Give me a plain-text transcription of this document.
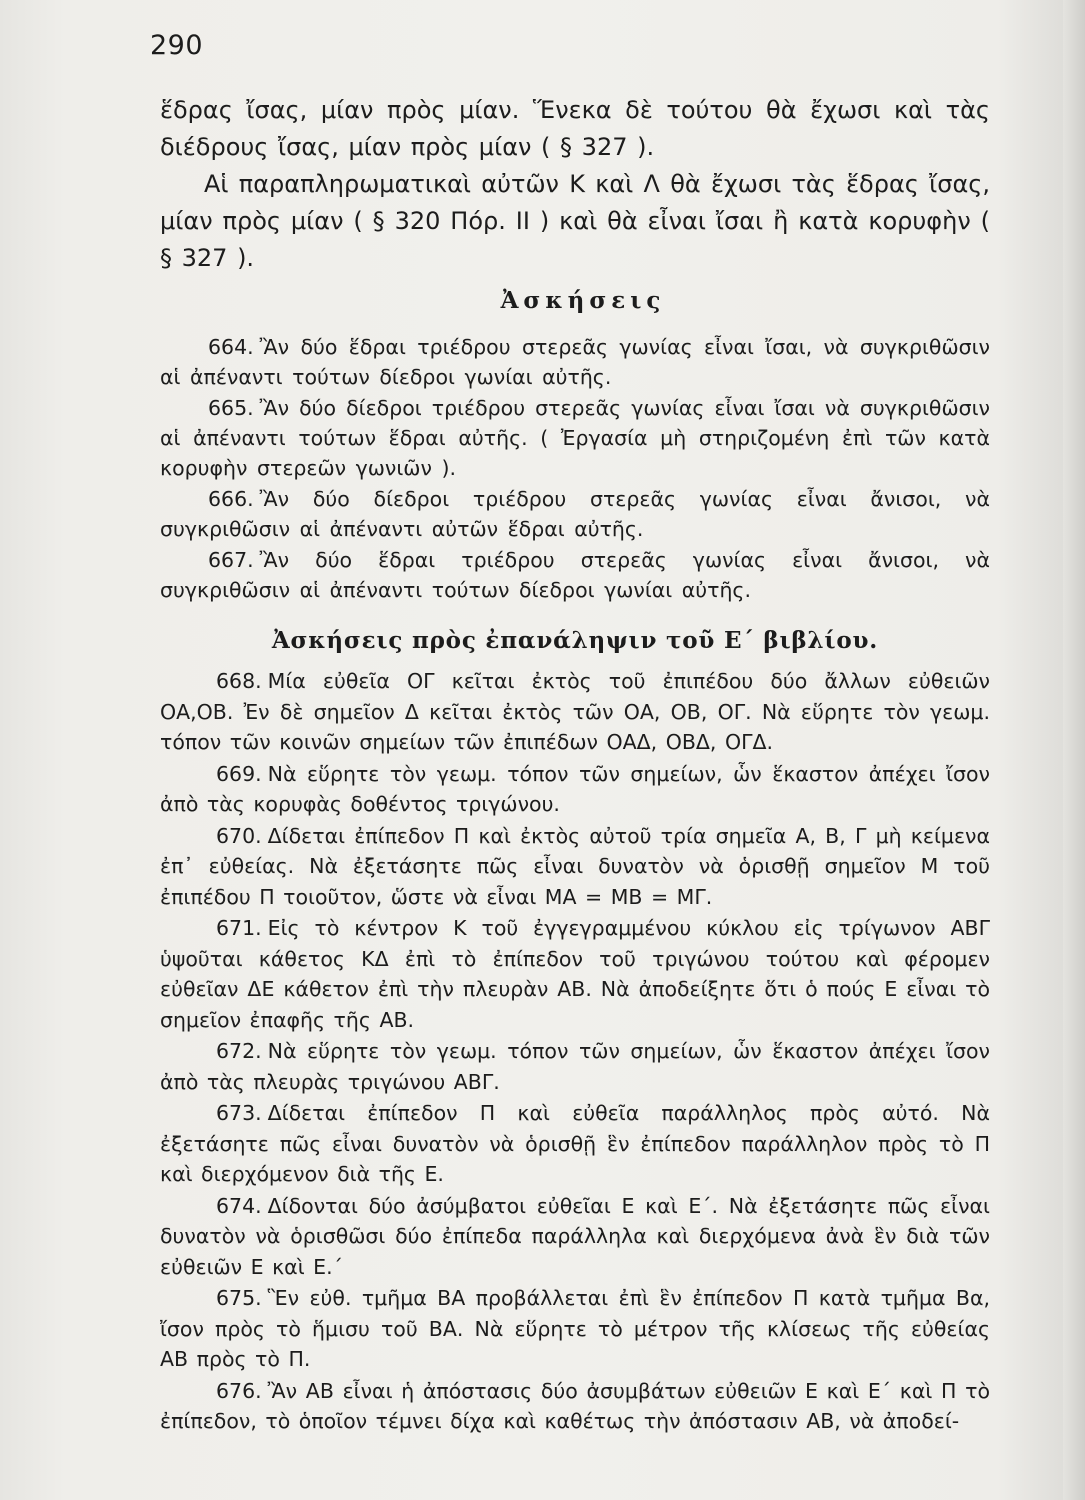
290

ἕδρας ἴσας, μίαν πρὸς μίαν. Ἕνεκα δὲ τούτου θὰ ἔχωσι καὶ τὰς διέδρους ἴσας, μίαν πρὸς μίαν ( § 327 ).

Αἱ παραπληρωματικαὶ αὐτῶν Κ καὶ Λ θὰ ἔχωσι τὰς ἕδρας ἴσας, μίαν πρὸς μίαν ( § 320 Πόρ. ΙΙ ) καὶ θὰ εἶναι ἴσαι ἢ κατὰ κορυφὴν ( § 327 ).

Ἀσκήσεις

664. Ἂν δύο ἕδραι τριέδρου στερεᾶς γωνίας εἶναι ἴσαι, νὰ συγκριθῶσιν αἱ ἀπέναντι τούτων δίεδροι γωνίαι αὐτῆς.

665. Ἂν δύο δίεδροι τριέδρου στερεᾶς γωνίας εἶναι ἴσαι νὰ συγκριθῶσιν αἱ ἀπέναντι τούτων ἕδραι αὐτῆς. ( Ἐργασία μὴ στηριζομένη ἐπὶ τῶν κατὰ κορυφὴν στερεῶν γωνιῶν ).

666. Ἂν δύο δίεδροι τριέδρου στερεᾶς γωνίας εἶναι ἄνισοι, νὰ συγκριθῶσιν αἱ ἀπέναντι αὐτῶν ἕδραι αὐτῆς.

667. Ἂν δύο ἕδραι τριέδρου στερεᾶς γωνίας εἶναι ἄνισοι, νὰ συγκριθῶσιν αἱ ἀπέναντι τούτων δίεδροι γωνίαι αὐτῆς.

Ἀσκήσεις πρὸς ἐπανάληψιν τοῦ Ε΄ βιβλίου.

668. Μία εὐθεῖα ΟΓ κεῖται ἐκτὸς τοῦ ἐπιπέδου δύο ἄλλων εὐθειῶν ΟΑ,ΟΒ. Ἐν δὲ σημεῖον Δ κεῖται ἐκτὸς τῶν ΟΑ, ΟΒ, ΟΓ. Νὰ εὕρητε τὸν γεωμ. τόπον τῶν κοινῶν σημείων τῶν ἐπιπέδων ΟΑΔ, ΟΒΔ, ΟΓΔ.

669. Νὰ εὕρητε τὸν γεωμ. τόπον τῶν σημείων, ὧν ἕκαστον ἀπέχει ἴσον ἀπὸ τὰς κορυφὰς δοθέντος τριγώνου.

670. Δίδεται ἐπίπεδον Π καὶ ἐκτὸς αὐτοῦ τρία σημεῖα Α, Β, Γ μὴ κείμενα ἐπ᾽ εὐθείας. Νὰ ἐξετάσητε πῶς εἶναι δυνατὸν νὰ ὁρισθῇ σημεῖον Μ τοῦ ἐπιπέδου Π τοιοῦτον, ὥστε νὰ εἶναι ΜΑ = ΜΒ = ΜΓ.

671. Εἰς τὸ κέντρον Κ τοῦ ἐγγεγραμμένου κύκλου εἰς τρίγωνον ΑΒΓ ὑψοῦται κάθετος ΚΔ ἐπὶ τὸ ἐπίπεδον τοῦ τριγώνου τούτου καὶ φέρομεν εὐθεῖαν ΔΕ κάθετον ἐπὶ τὴν πλευρὰν ΑΒ. Νὰ ἀποδείξητε ὅτι ὁ πούς Ε εἶναι τὸ σημεῖον ἐπαφῆς τῆς ΑΒ.

672. Νὰ εὕρητε τὸν γεωμ. τόπον τῶν σημείων, ὧν ἕκαστον ἀπέχει ἴσον ἀπὸ τὰς πλευρὰς τριγώνου ΑΒΓ.

673. Δίδεται ἐπίπεδον Π καὶ εὐθεῖα παράλληλος πρὸς αὐτό. Νὰ ἐξετάσητε πῶς εἶναι δυνατὸν νὰ ὁρισθῇ ἓν ἐπίπεδον παράλληλον πρὸς τὸ Π καὶ διερχόμενον διὰ τῆς Ε.

674. Δίδονται δύο ἀσύμβατοι εὐθεῖαι Ε καὶ Ε΄. Νὰ ἐξετάσητε πῶς εἶναι δυνατὸν νὰ ὁρισθῶσι δύο ἐπίπεδα παράλληλα καὶ διερχόμενα ἀνὰ ἓν διὰ τῶν εὐθειῶν Ε καὶ Ε.΄

675. Ἓν εὐθ. τμῆμα ΒΑ προβάλλεται ἐπὶ ἓν ἐπίπεδον Π κατὰ τμῆμα Βα, ἴσον πρὸς τὸ ἥμισυ τοῦ ΒΑ. Νὰ εὕρητε τὸ μέτρον τῆς κλίσεως τῆς εὐθείας ΑΒ πρὸς τὸ Π.

676. Ἂν ΑΒ εἶναι ἡ ἀπόστασις δύο ἀσυμβάτων εὐθειῶν Ε καὶ Ε΄ καὶ Π τὸ ἐπίπεδον, τὸ ὁποῖον τέμνει δίχα καὶ καθέτως τὴν ἀπόστασιν ΑΒ, νὰ ἀποδεί-
